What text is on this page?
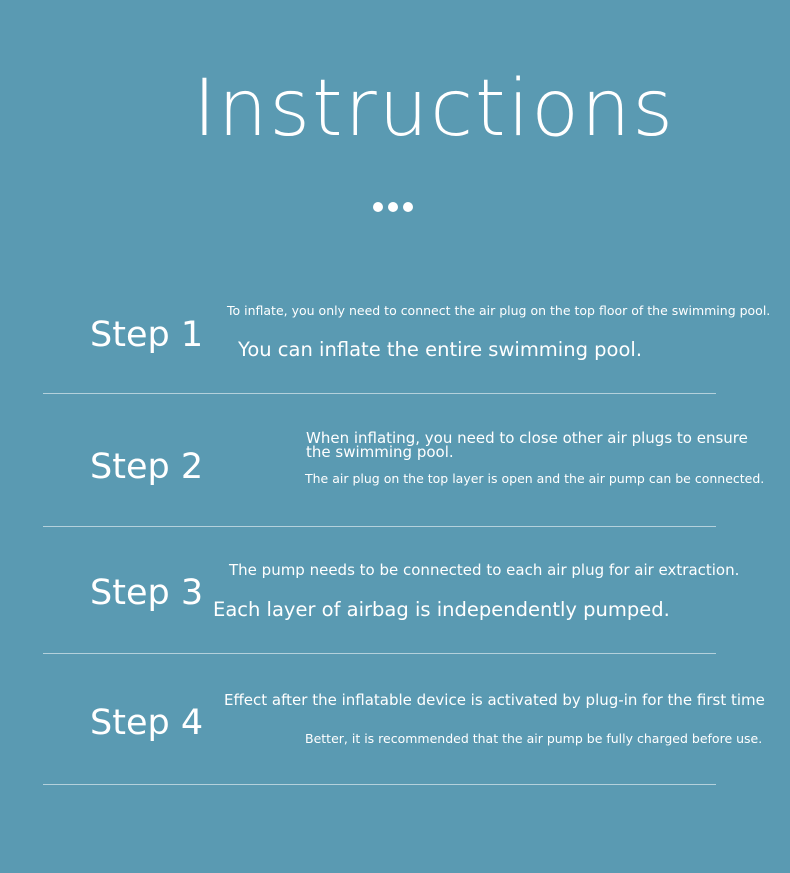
Instructions
Step 1
To inflate, you only need to connect the air plug on the top floor of the swimming pool.
You can inflate the entire swimming pool.
Step 2
When inflating, you need to close other air plugs to ensure the swimming pool.
The air plug on the top layer is open and the air pump can be connected.
Step 3
The pump needs to be connected to each air plug for air extraction.
Each layer of airbag is independently pumped.
Step 4
Effect after the inflatable device is activated by plug-in for the first time
Better, it is recommended that the air pump be fully charged before use.
